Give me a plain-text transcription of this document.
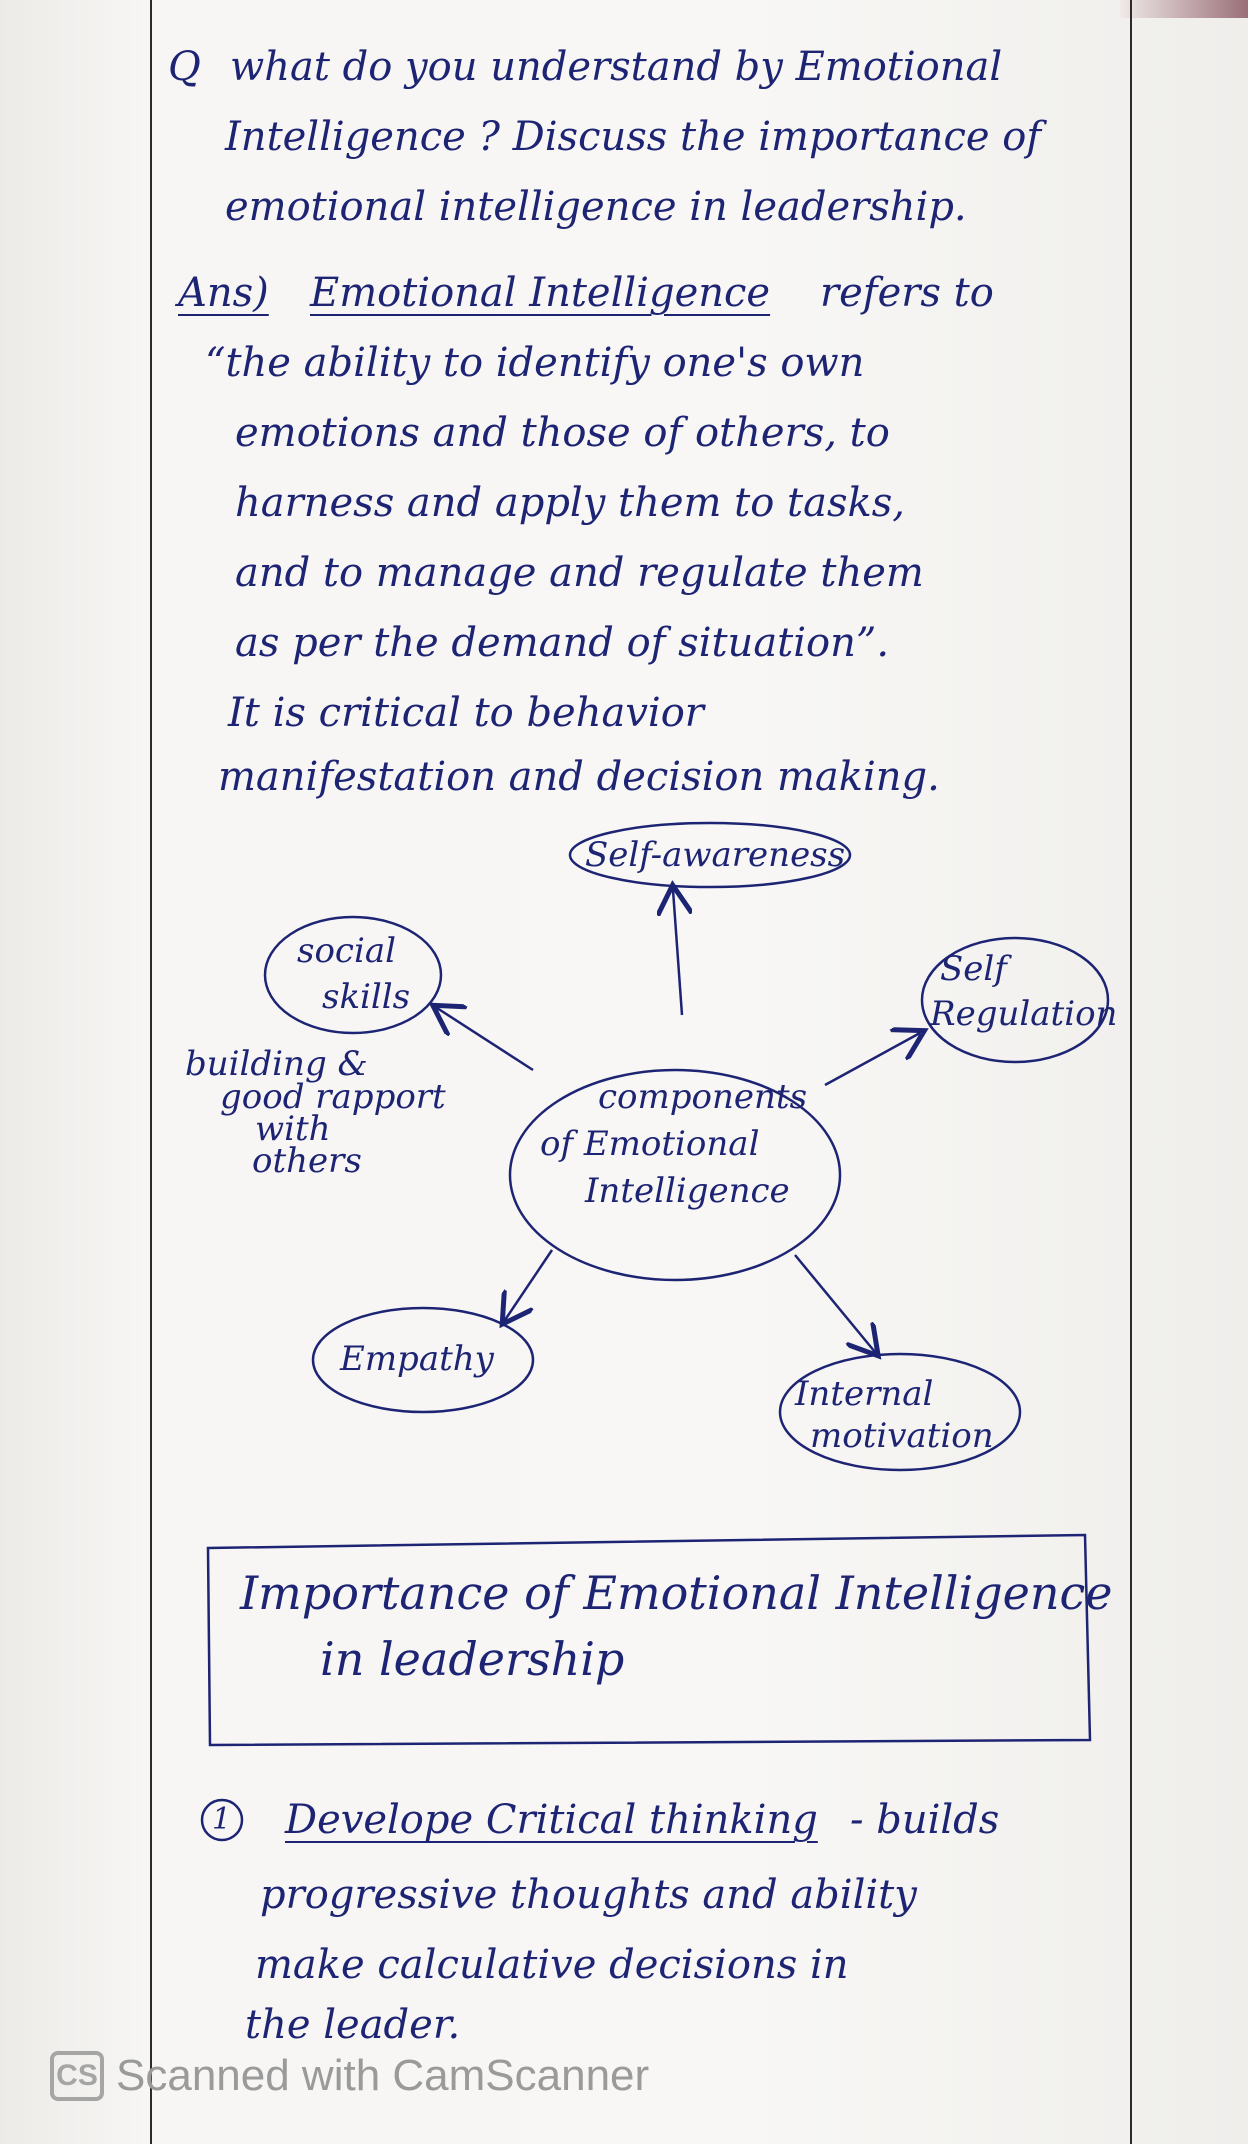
Q what do you understand by Emotional
Intelligence ? Discuss the importance of
emotional intelligence in leadership.
Ans) Emotional Intelligence refers to
“the ability to identify one's own
emotions and those of others, to
harness and apply them to tasks,
and to manage and regulate them
as per the demand of situation”.
It is critical to behavior
manifestation and decision making.
components
of Emotional
Intelligence
Self-awareness
Self
Regulation
social
skills
Empathy
Internal
motivation
building &
good rapport
with
others
Importance of Emotional Intelligence
in leadership
1 Develope Critical thinking - builds
progressive thoughts and ability
make calculative decisions in
the leader.
CS Scanned with CamScanner
